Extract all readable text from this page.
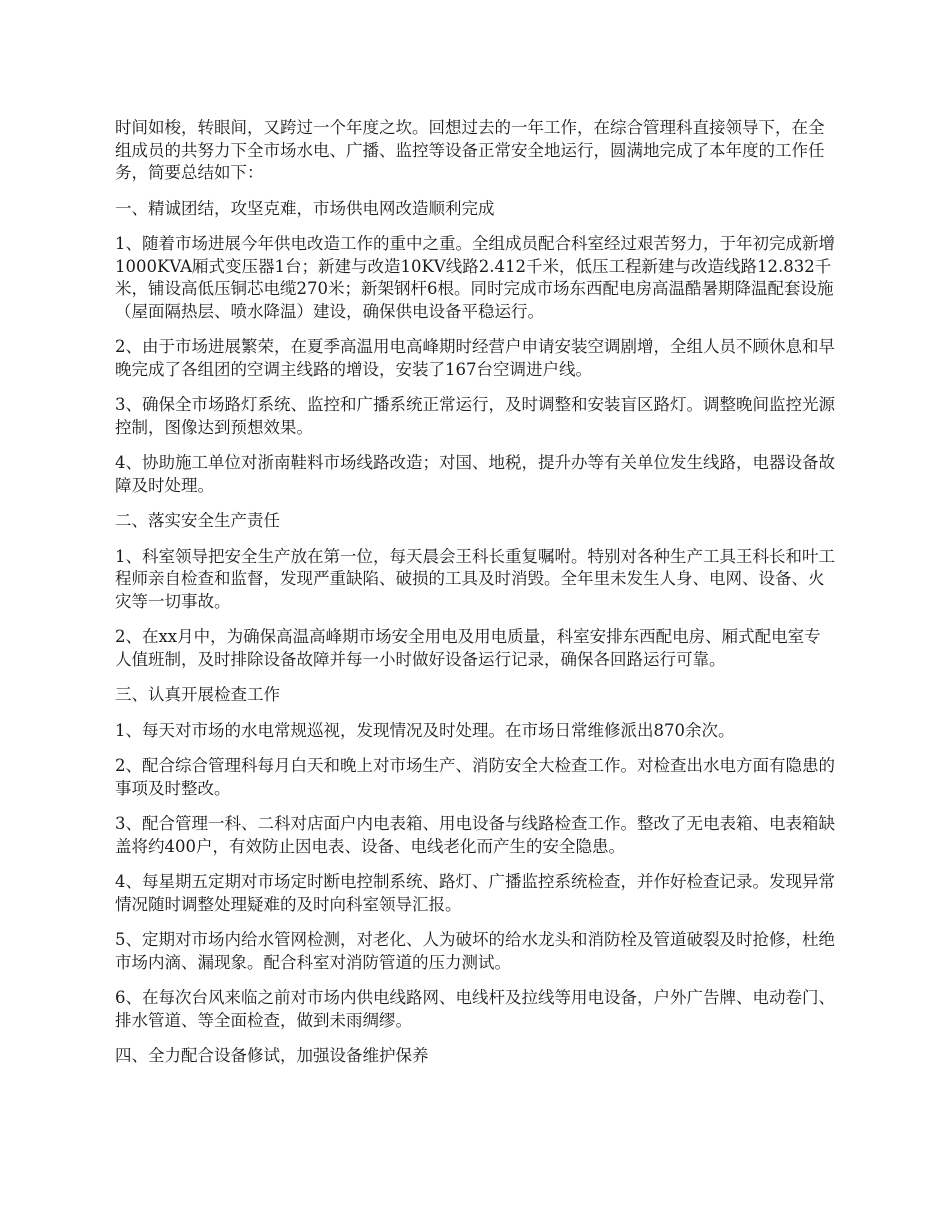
时间如梭，转眼间，又跨过一个年度之坎。回想过去的一年工作，在综合管理科直接领导下，在全组成员的共努力下全市场水电、广播、监控等设备正常安全地运行，圆满地完成了本年度的工作任务，简要总结如下：

一、精诚团结，攻坚克难，市场供电网改造顺利完成

1、随着市场进展今年供电改造工作的重中之重。全组成员配合科室经过艰苦努力，于年初完成新增1000KVA厢式变压器1台；新建与改造10KV线路2.412千米，低压工程新建与改造线路12.832千米，铺设高低压铜芯电缆270米；新架钢杆6根。同时完成市场东西配电房高温酷暑期降温配套设施（屋面隔热层、喷水降温）建设，确保供电设备平稳运行。

2、由于市场进展繁荣，在夏季高温用电高峰期时经营户申请安装空调剧增，全组人员不顾休息和早晚完成了各组团的空调主线路的增设，安装了167台空调进户线。

3、确保全市场路灯系统、监控和广播系统正常运行，及时调整和安装盲区路灯。调整晚间监控光源控制，图像达到预想效果。

4、协助施工单位对浙南鞋料市场线路改造；对国、地税，提升办等有关单位发生线路，电器设备故障及时处理。

二、落实安全生产责任

1、科室领导把安全生产放在第一位，每天晨会王科长重复嘱咐。特别对各种生产工具王科长和叶工程师亲自检查和监督，发现严重缺陷、破损的工具及时消毁。全年里未发生人身、电网、设备、火灾等一切事故。

2、在xx月中，为确保高温高峰期市场安全用电及用电质量，科室安排东西配电房、厢式配电室专人值班制，及时排除设备故障并每一小时做好设备运行记录，确保各回路运行可靠。

三、认真开展检查工作

1、每天对市场的水电常规巡视，发现情况及时处理。在市场日常维修派出870余次。

2、配合综合管理科每月白天和晚上对市场生产、消防安全大检查工作。对检查出水电方面有隐患的事项及时整改。

3、配合管理一科、二科对店面户内电表箱、用电设备与线路检查工作。整改了无电表箱、电表箱缺盖将约400户，有效防止因电表、设备、电线老化而产生的安全隐患。

4、每星期五定期对市场定时断电控制系统、路灯、广播监控系统检查，并作好检查记录。发现异常情况随时调整处理疑难的及时向科室领导汇报。

5、定期对市场内给水管网检测，对老化、人为破坏的给水龙头和消防栓及管道破裂及时抢修，杜绝市场内滴、漏现象。配合科室对消防管道的压力测试。

6、在每次台风来临之前对市场内供电线路网、电线杆及拉线等用电设备，户外广告牌、电动卷门、排水管道、等全面检查，做到未雨绸缪。

四、全力配合设备修试，加强设备维护保养
